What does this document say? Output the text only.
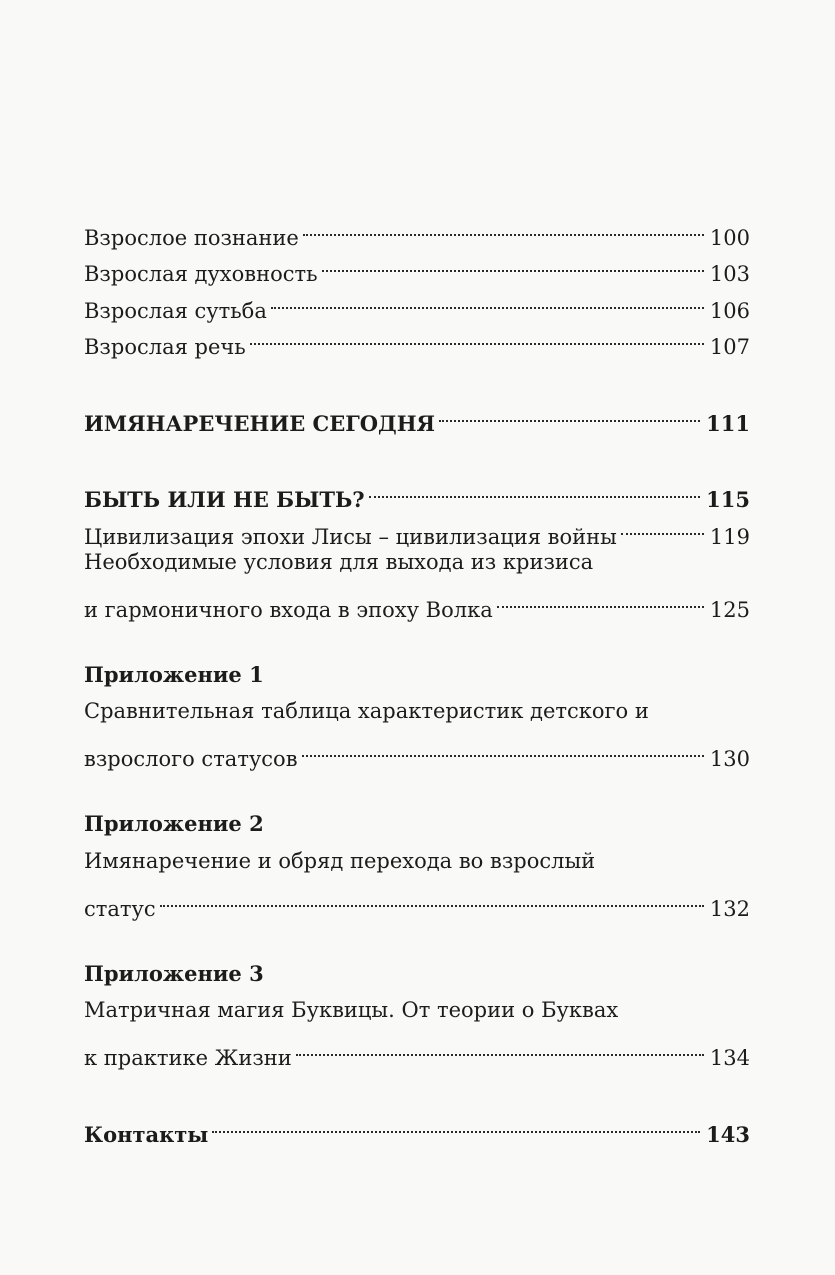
Взрослое познание	100
Взрослая духовность	103
Взрослая сутьба	106
Взрослая речь	107
ИМЯНАРЕЧЕНИЕ СЕГОДНЯ	111
БЫТЬ ИЛИ НЕ БЫТЬ?	115
Цивилизация эпохи Лисы – цивилизация войны	119
Необходимые условия для выхода из кризиса
и гармоничного входа в эпоху Волка	125
Приложение 1
Сравнительная таблица характеристик детского и
взрослого статусов	130
Приложение 2
Имянаречение и обряд перехода во взрослый
статус	132
Приложение 3
Матричная магия Буквицы. От теории о Буквах
к практике Жизни	134
Контакты	143
